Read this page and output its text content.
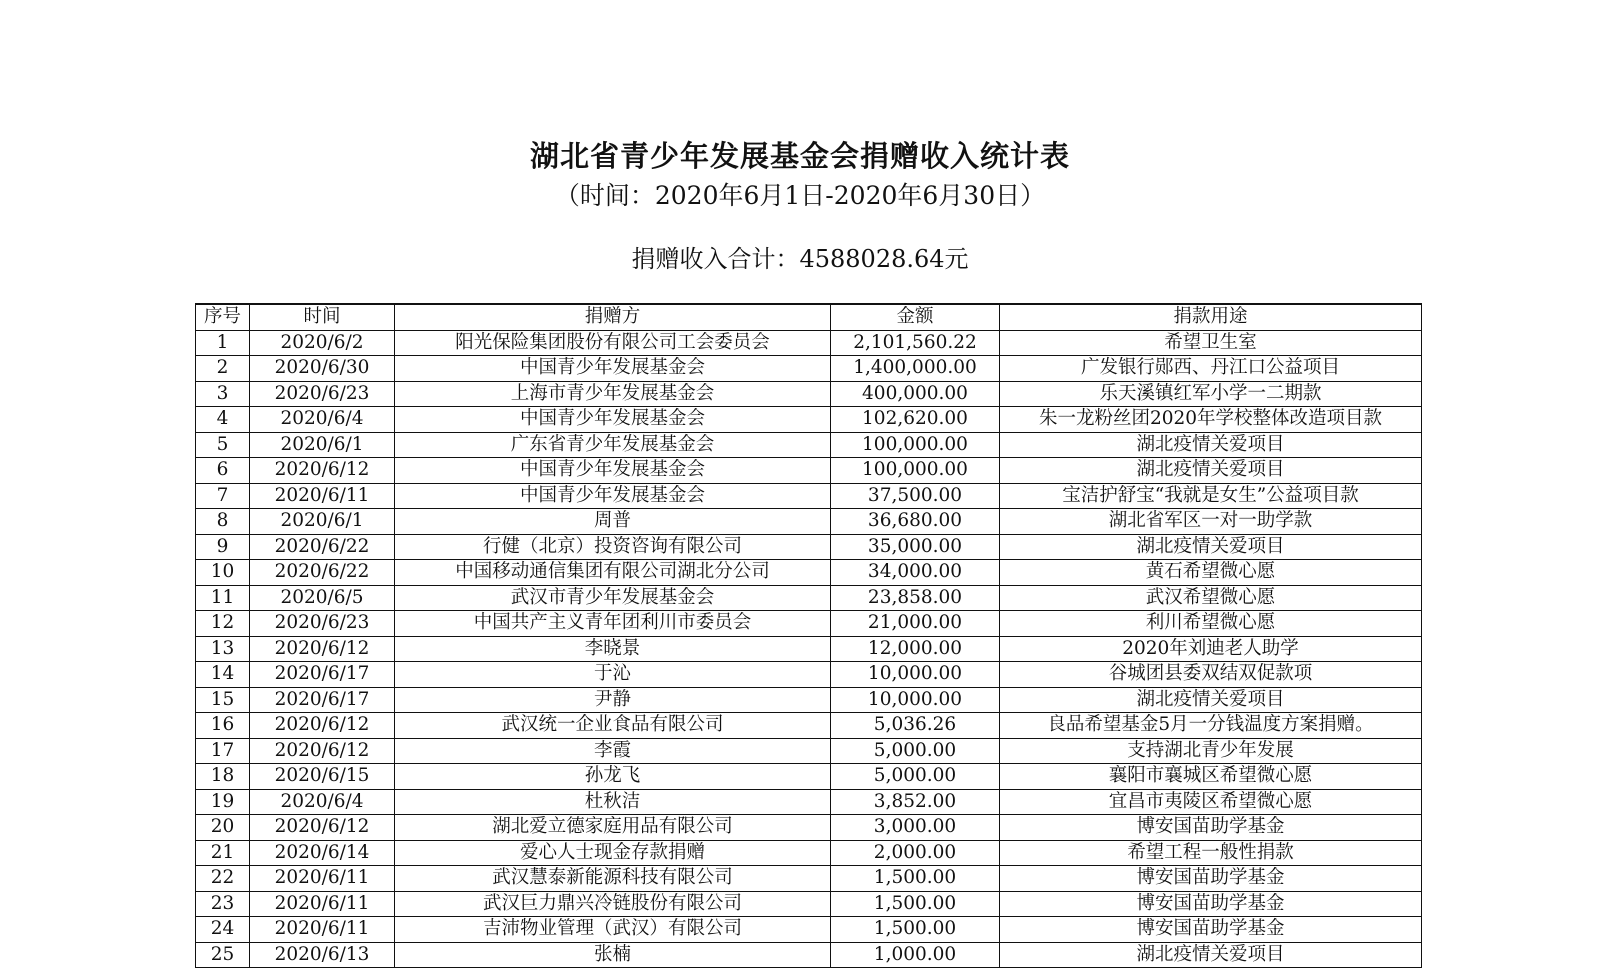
湖北省青少年发展基金会捐赠收入统计表
（时间：2020年6月1日-2020年6月30日）
捐赠收入合计：4588028.64元
序号	时间	捐赠方	金额	捐款用途
1	2020/6/2	阳光保险集团股份有限公司工会委员会	2,101,560.22	希望卫生室
2	2020/6/30	中国青少年发展基金会	1,400,000.00	广发银行郧西、丹江口公益项目
3	2020/6/23	上海市青少年发展基金会	400,000.00	乐天溪镇红军小学一二期款
4	2020/6/4	中国青少年发展基金会	102,620.00	朱一龙粉丝团2020年学校整体改造项目款
5	2020/6/1	广东省青少年发展基金会	100,000.00	湖北疫情关爱项目
6	2020/6/12	中国青少年发展基金会	100,000.00	湖北疫情关爱项目
7	2020/6/11	中国青少年发展基金会	37,500.00	宝洁护舒宝“我就是女生”公益项目款
8	2020/6/1	周普	36,680.00	湖北省军区一对一助学款
9	2020/6/22	行健（北京）投资咨询有限公司	35,000.00	湖北疫情关爱项目
10	2020/6/22	中国移动通信集团有限公司湖北分公司	34,000.00	黄石希望微心愿
11	2020/6/5	武汉市青少年发展基金会	23,858.00	武汉希望微心愿
12	2020/6/23	中国共产主义青年团利川市委员会	21,000.00	利川希望微心愿
13	2020/6/12	李晓景	12,000.00	2020年刘迪老人助学
14	2020/6/17	于沁	10,000.00	谷城团县委双结双促款项
15	2020/6/17	尹静	10,000.00	湖北疫情关爱项目
16	2020/6/12	武汉统一企业食品有限公司	5,036.26	良品希望基金5月一分钱温度方案捐赠。
17	2020/6/12	李霞	5,000.00	支持湖北青少年发展
18	2020/6/15	孙龙飞	5,000.00	襄阳市襄城区希望微心愿
19	2020/6/4	杜秋洁	3,852.00	宜昌市夷陵区希望微心愿
20	2020/6/12	湖北爱立德家庭用品有限公司	3,000.00	博安国苗助学基金
21	2020/6/14	爱心人士现金存款捐赠	2,000.00	希望工程一般性捐款
22	2020/6/11	武汉慧泰新能源科技有限公司	1,500.00	博安国苗助学基金
23	2020/6/11	武汉巨力鼎兴冷链股份有限公司	1,500.00	博安国苗助学基金
24	2020/6/11	吉沛物业管理（武汉）有限公司	1,500.00	博安国苗助学基金
25	2020/6/13	张楠	1,000.00	湖北疫情关爱项目
